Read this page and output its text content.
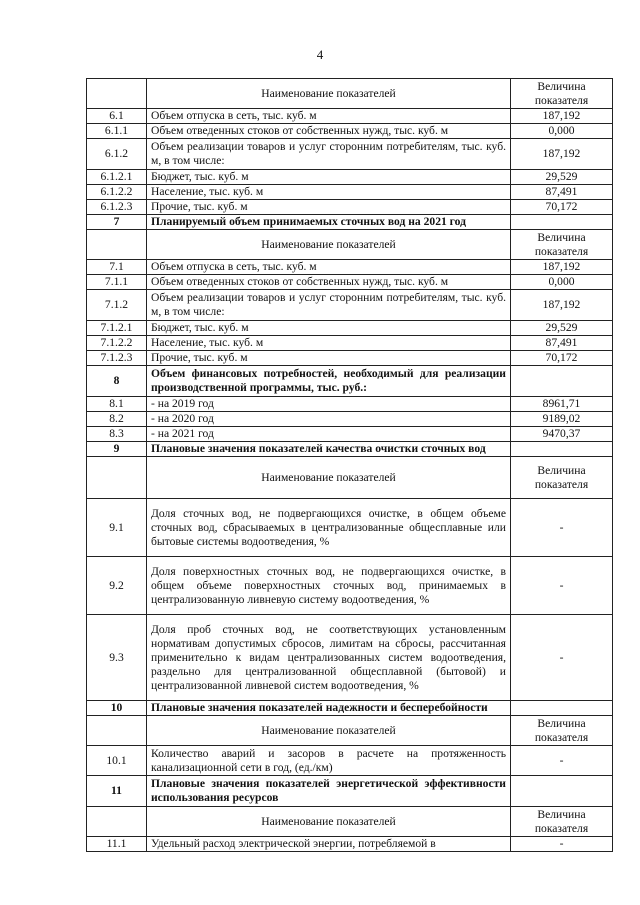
4
	Наименование показателей	Величина показателя
6.1	Объем отпуска в сеть, тыс. куб. м	187,192
6.1.1	Объем отведенных стоков от собственных нужд, тыс. куб. м	0,000
6.1.2	Объем реализации товаров и услуг сторонним потребителям, тыс. куб. м, в том числе:	187,192
6.1.2.1	Бюджет, тыс. куб. м	29,529
6.1.2.2	Население, тыс. куб. м	87,491
6.1.2.3	Прочие, тыс. куб. м	70,172
7	Планируемый объем принимаемых сточных вод на 2021 год	
	Наименование показателей	Величина показателя
7.1	Объем отпуска в сеть, тыс. куб. м	187,192
7.1.1	Объем отведенных стоков от собственных нужд, тыс. куб. м	0,000
7.1.2	Объем реализации товаров и услуг сторонним потребителям, тыс. куб. м, в том числе:	187,192
7.1.2.1	Бюджет, тыс. куб. м	29,529
7.1.2.2	Население, тыс. куб. м	87,491
7.1.2.3	Прочие, тыс. куб. м	70,172
8	Объем финансовых потребностей, необходимый для реализации производственной программы, тыс. руб.:	
8.1	- на 2019 год	8961,71
8.2	- на 2020 год	9189,02
8.3	- на 2021 год	9470,37
9	Плановые значения показателей качества очистки сточных вод	
	Наименование показателей	Величина показателя
9.1	Доля сточных вод, не подвергающихся очистке, в общем объеме сточных вод, сбрасываемых в централизованные общесплавные или бытовые системы водоотведения, %	-
9.2	Доля поверхностных сточных вод, не подвергающихся очистке, в общем объеме поверхностных сточных вод, принимаемых в централизованную ливневую систему водоотведения, %	-
9.3	Доля проб сточных вод, не соответствующих установленным нормативам допустимых сбросов, лимитам на сбросы, рассчитанная применительно к видам централизованных систем водоотведения, раздельно для централизованной общесплавной (бытовой) и централизованной ливневой систем водоотведения, %	-
10	Плановые значения показателей надежности и бесперебойности	
	Наименование показателей	Величина показателя
10.1	Количество аварий и засоров в расчете на протяженность канализационной сети в год, (ед./км)	-
11	Плановые значения показателей энергетической эффективности использования ресурсов	
	Наименование показателей	Величина показателя
11.1	Удельный расход электрической энергии, потребляемой в	-
